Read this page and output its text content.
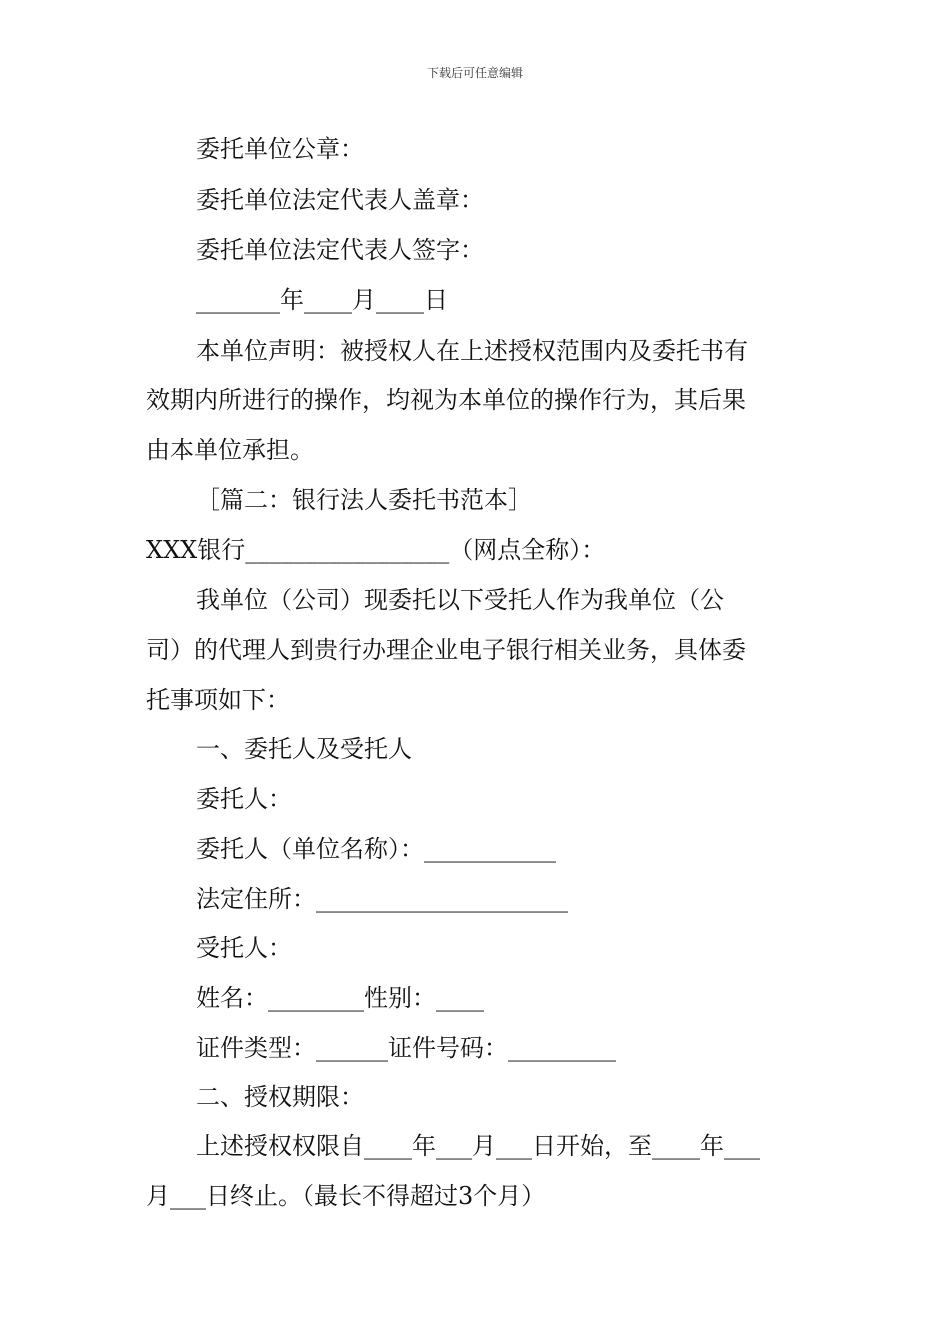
下载后可任意编辑
委托单位公章：
委托单位法定代表人盖章：
委托单位法定代表人签字：
_______年____月____日
本单位声明：被授权人在上述授权范围内及委托书有
效期内所进行的操作，均视为本单位的操作行为，其后果
由本单位承担。
［篇二：银行法人委托书范本］
XXX银行_________________（网点全称）：
我单位（公司）现委托以下受托人作为我单位（公
司）的代理人到贵行办理企业电子银行相关业务，具体委
托事项如下：
一、委托人及受托人
委托人：
委托人（单位名称）：___________
法定住所：_____________________
受托人：
姓名：________性别：____
证件类型：______证件号码：_________
二、授权期限：
上述授权权限自____年___月___日开始，至____年___
月___日终止。（最长不得超过3个月）
